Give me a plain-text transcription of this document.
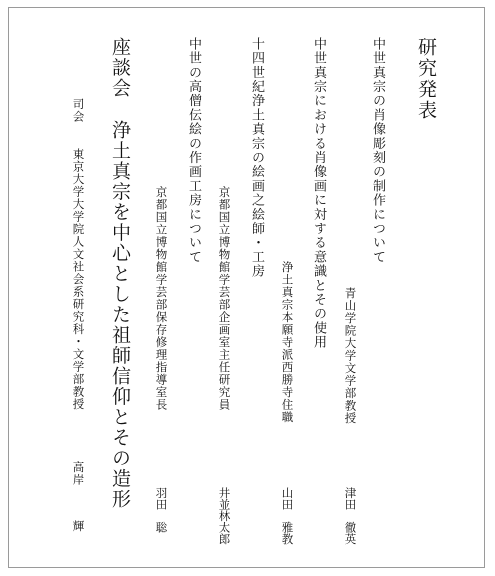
研究発表
中世真宗の肖像彫刻の制作について
青山学院大学文学部教授
津田　徹英
中世真宗における肖像画に対する意識とその使用
浄土真宗本願寺派西勝寺住職
山田　雅教
十四世紀浄土真宗の絵画之絵師・工房
京都国立博物館学芸部企画室主任研究員
井並林太郎
中世の高僧伝絵の作画工房について
京都国立博物館学芸部保存修理指導室長
羽田　聡
座談会
浄土真宗を中心とした祖師信仰とその造形
司会
東京大学大学院人文社会系研究科・文学部教授
高岸
輝
